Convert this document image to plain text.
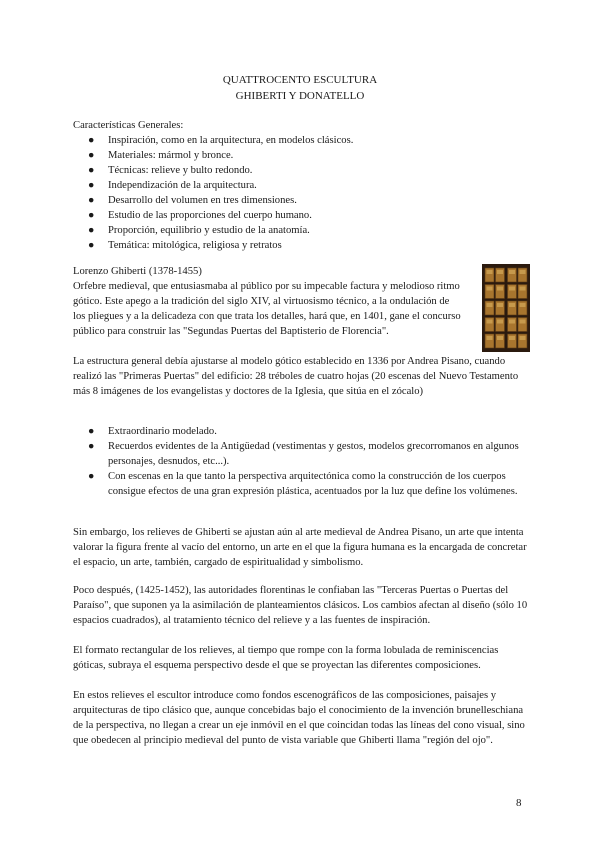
QUATTROCENTO ESCULTURA
GHIBERTI Y DONATELLO

Características Generales:

● Inspiración, como en la arquitectura, en modelos clásicos.
● Materiales: mármol y bronce.
● Técnicas: relieve y bulto redondo.
● Independización de la arquitectura.
● Desarrollo del volumen en tres dimensiones.
● Estudio de las proporciones del cuerpo humano.
● Proporción, equilibrio y estudio de la anatomía.
● Temática: mitológica, religiosa y retratos

Lorenzo Ghiberti (1378-1455)

Orfebre medieval, que entusiasmaba al público por su impecable factura y melodioso ritmo gótico. Este apego a la tradición del siglo XIV, al virtuosismo técnico, a la ondulación de los pliegues y a la delicadeza con que trata los detalles, hará que, en 1401, gane el concurso público para construir las "Segundas Puertas del Baptisterio de Florencia".

La estructura general debía ajustarse al modelo gótico establecido en 1336 por Andrea Pisano, cuando realizó las "Primeras Puertas" del edificio: 28 tréboles de cuatro hojas (20 escenas del Nuevo Testamento más 8 imágenes de los evangelistas y doctores de la Iglesia, que sitúa en el zócalo)

● Extraordinario modelado.
● Recuerdos evidentes de la Antigüedad (vestimentas y gestos, modelos grecorromanos en algunos personajes, desnudos, etc...).
● Con escenas en la que tanto la perspectiva arquitectónica como la construcción de los cuerpos consigue efectos de una gran expresión plástica, acentuados por la luz que define los volúmenes.

Sin embargo, los relieves de Ghiberti se ajustan aún al arte medieval de Andrea Pisano, un arte que intenta valorar la figura frente al vacío del entorno, un arte en el que la figura humana es la encargada de concretar el espacio, un arte, también, cargado de espiritualidad y simbolismo.

Poco después, (1425-1452), las autoridades florentinas le confiaban las "Terceras Puertas o Puertas del Paraíso", que suponen ya la asimilación de planteamientos clásicos. Los cambios afectan al diseño (sólo 10 espacios cuadrados), al tratamiento técnico del relieve y a las fuentes de inspiración.

El formato rectangular de los relieves, al tiempo que rompe con la forma lobulada de reminiscencias góticas, subraya el esquema perspectivo desde el que se proyectan las diferentes composiciones.

En estos relieves el escultor introduce como fondos escenográficos de las composiciones, paisajes y arquitecturas de tipo clásico que, aunque concebidas bajo el conocimiento de la invención brunelleschiana de la perspectiva, no llegan a crear un eje inmóvil en el que coincidan todas las líneas del cono visual, sino que obedecen al principio medieval del punto de vista variable que Ghiberti llama "región del ojo".

8
